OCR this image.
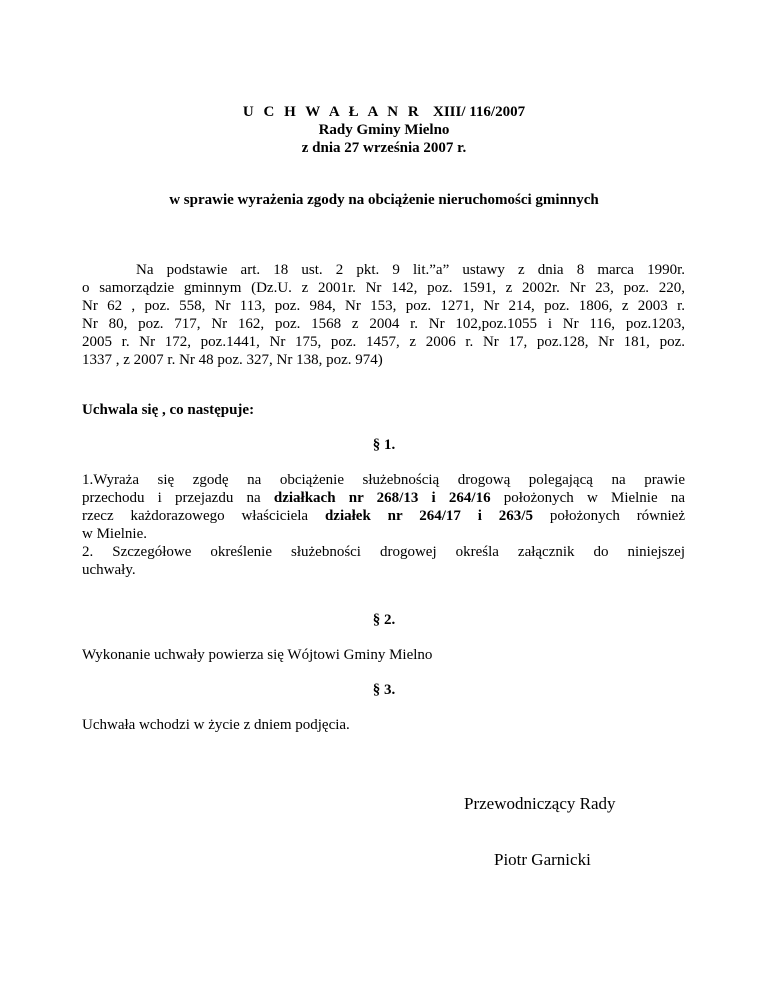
U C H W A Ł A N R XIII/ 116/2007
Rady Gminy Mielno
z dnia 27 września 2007 r.
w sprawie wyrażenia zgody na obciążenie nieruchomości gminnych
Na podstawie art. 18 ust. 2 pkt. 9 lit.”a” ustawy z dnia 8 marca 1990r.
o samorządzie gminnym (Dz.U. z 2001r. Nr 142, poz. 1591, z 2002r. Nr 23, poz. 220,
Nr 62 , poz. 558, Nr 113, poz. 984, Nr 153, poz. 1271, Nr 214, poz. 1806, z 2003 r.
Nr 80, poz. 717, Nr 162, poz. 1568 z 2004 r. Nr 102,poz.1055 i Nr 116, poz.1203,
2005 r. Nr 172, poz.1441, Nr 175, poz. 1457, z 2006 r. Nr 17, poz.128, Nr 181, poz.
1337 , z 2007 r. Nr 48 poz. 327, Nr 138, poz. 974)
Uchwala się , co następuje:
§ 1.
1.Wyraża się zgodę na obciążenie służebnością drogową polegającą na prawie
przechodu i przejazdu na działkach nr 268/13 i 264/16 położonych w Mielnie na
rzecz każdorazowego właściciela działek nr 264/17 i 263/5 położonych również
w Mielnie.
2. Szczegółowe określenie służebności drogowej określa załącznik do niniejszej
uchwały.
§ 2.
Wykonanie uchwały powierza się Wójtowi Gminy Mielno
§ 3.
Uchwała wchodzi w życie z dniem podjęcia.
Przewodniczący Rady
Piotr Garnicki
